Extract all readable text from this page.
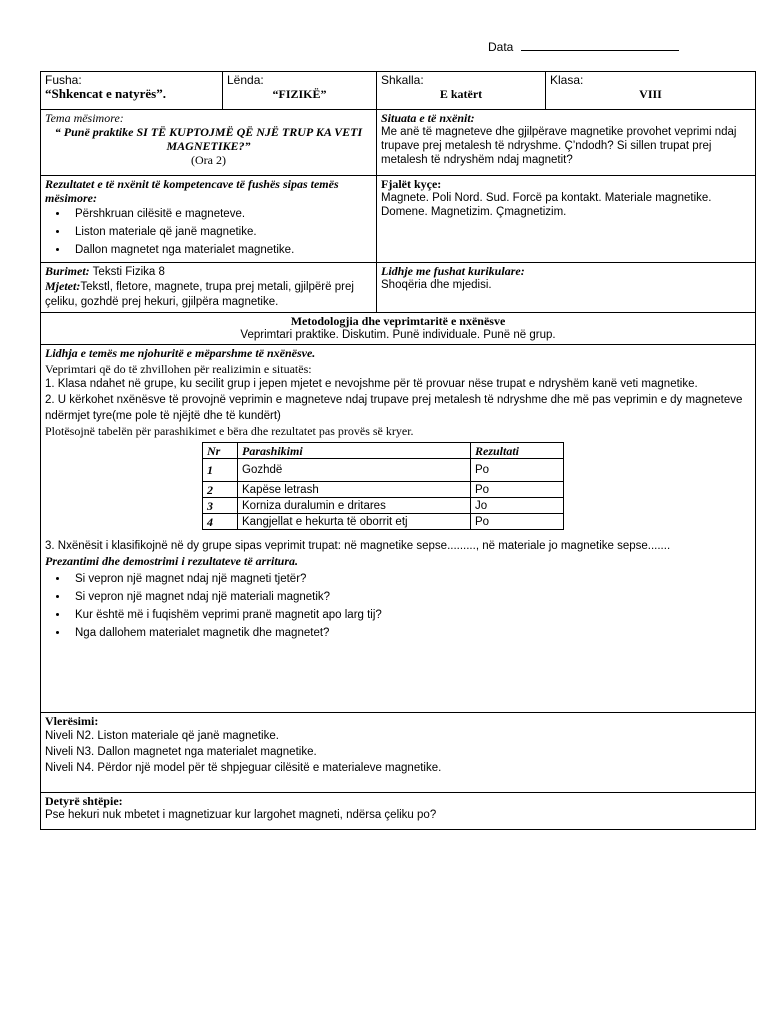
Data
Fusha:
“Shkencat e natyrës”.
Lënda:
“FIZIKË”
Shkalla:
E katërt
Klasa:
VIII
Tema mësimore:
“ Punë praktike SI TË KUPTOJMË QË NJË TRUP KA VETI MAGNETIKE?”
(Ora 2)
Situata e të nxënit:
Me anë të magneteve dhe gjilpërave magnetike provohet veprimi ndaj trupave prej metalesh të ndryshme. Ç’ndodh? Si sillen trupat prej metalesh të ndryshëm ndaj magnetit?
Rezultatet e të nxënit të kompetencave të fushës sipas temës mësimore:
• Përshkruan cilësitë e magneteve.
• Liston materiale që janë magnetike.
• Dallon magnetet nga materialet magnetike.
Fjalët kyçe:
Magnete. Poli Nord. Sud. Forcë pa kontakt. Materiale magnetike. Domene. Magnetizim. Çmagnetizim.
Burimet: Teksti Fizika 8
Mjetet:Tekstl, fletore, magnete, trupa prej metali, gjilpërë prej çeliku, gozhdë prej hekuri, gjilpëra magnetike.
Lidhje me fushat kurikulare:
Shoqëria dhe mjedisi.
Metodologjia dhe veprimtaritë e nxënësve
Veprimtari praktike. Diskutim. Punë individuale. Punë në grup.
Lidhja e temës me njohuritë e mëparshme të nxënësve.
Veprimtari që do të zhvillohen për realizimin e situatës:
1. Klasa ndahet në grupe, ku secilit grup i jepen mjetet e nevojshme për të provuar nëse trupat e ndryshëm kanë veti magnetike.
2. U kërkohet nxënësve të provojnë veprimin e magneteve ndaj trupave prej metalesh të ndryshme dhe më pas veprimin e dy magneteve ndërmjet tyre(me pole të njëjtë dhe të kundërt)
Plotësojnë tabelën për parashikimet e bëra dhe rezultatet pas provës së kryer.
Nr	Parashikimi	Rezultati
1	Gozhdë	Po
2	Kapëse letrash	Po
3	Korniza duralumin e dritares	Jo
4	Kangjellat e hekurta të oborrit etj	Po
3. Nxënësit i klasifikojnë në dy grupe sipas veprimit trupat: në magnetike sepse........., në materiale jo magnetike sepse.......
Prezantimi dhe demostrimi i rezultateve të arritura.
• Si vepron një magnet ndaj një magneti tjetër?
• Si vepron një magnet ndaj një materiali magnetik?
• Kur është më i fuqishëm veprimi pranë magnetit apo larg tij?
• Nga dallohem materialet magnetik dhe magnetet?
Vlerësimi:
Niveli N2. Liston materiale që janë magnetike.
Niveli N3. Dallon magnetet nga materialet magnetike.
Niveli N4. Përdor një model për të shpjeguar cilësitë e materialeve magnetike.
Detyrë shtëpie:
Pse hekuri nuk mbetet i magnetizuar kur largohet magneti, ndërsa çeliku po?
